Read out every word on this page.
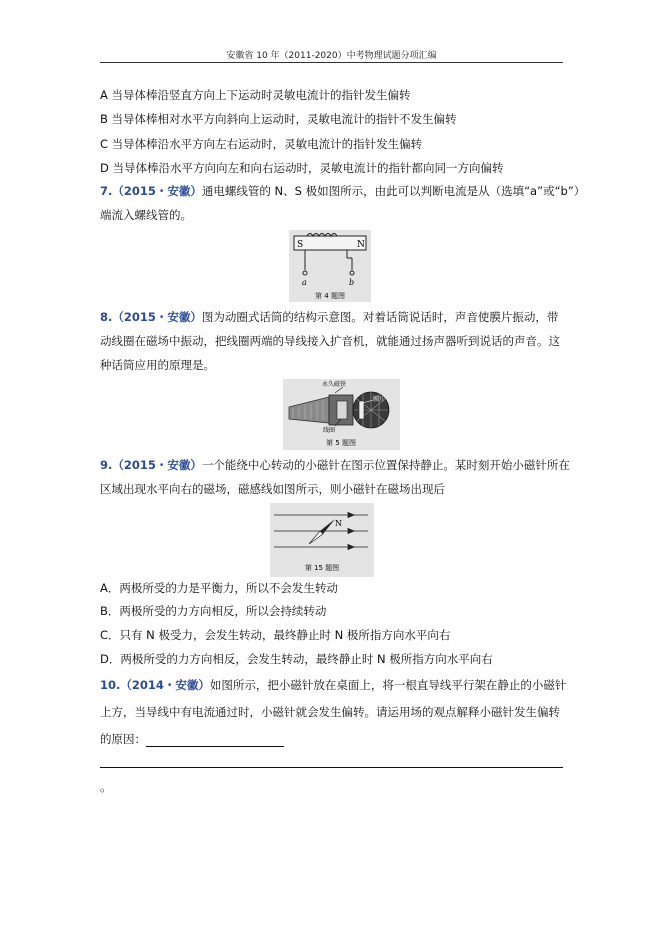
安徽省 10 年（2011-2020）中考物理试题分项汇编
A 当导体棒沿竖直方向上下运动时灵敏电流计的指针发生偏转
B 当导体棒相对水平方向斜向上运动时，灵敏电流计的指针不发生偏转
C 当导体棒沿水平方向左右运动时，灵敏电流计的指针发生偏转
D 当导体棒沿水平方向向左和向右运动时，灵敏电流计的指针都向同一方向偏转
7.（2015・安徽）通电螺线管的 N、S 极如图所示，由此可以判断电流是从（选填“a”或“b”）
端流入螺线管的。
S	N
a	b
第 4 题图
8.（2015・安徽）图为动圈式话筒的结构示意图。对着话筒说话时，声音使膜片振动，带
动线圈在磁场中振动，把线圈两端的导线接入扩音机，就能通过扬声器听到说话的声音。这
种话筒应用的原理是。
永久磁铁
膜片
线圈
第 5 题图
9.（2015・安徽）一个能绕中心转动的小磁针在图示位置保持静止。某时刻开始小磁针所在
区域出现水平向右的磁场，磁感线如图所示，则小磁针在磁场出现后
N
第 15 题图
A．两极所受的力是平衡力，所以不会发生转动
B．两极所受的力方向相反，所以会持续转动
C．只有 N 极受力，会发生转动，最终静止时 N 极所指方向水平向右
D．两极所受的力方向相反，会发生转动，最终静止时 N 极所指方向水平向右
10.（2014・安徽）如图所示，把小磁针放在桌面上，将一根直导线平行架在静止的小磁针
上方，当导线中有电流通过时，小磁针就会发生偏转。请运用场的观点解释小磁针发生偏转
的原因：
。
